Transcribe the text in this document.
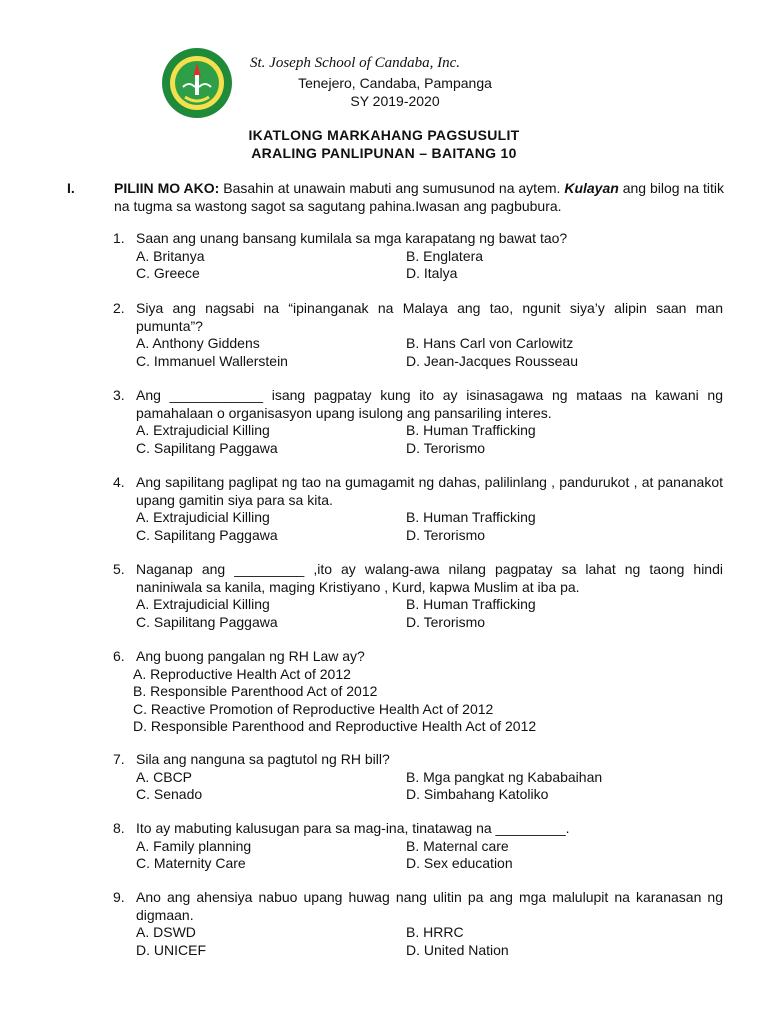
St. Joseph School of Candaba, Inc.
Tenejero, Candaba, Pampanga
SY 2019-2020
IKATLONG MARKAHANG PAGSUSULIT
ARALING PANLIPUNAN – BAITANG 10
I.	PILIIN MO AKO: Basahin at unawain mabuti ang sumusunod na aytem. Kulayan ang bilog na titik na tugma sa wastong sagot sa sagutang pahina.Iwasan ang pagbubura.
1. Saan ang unang bansang kumilala sa mga karapatang ng bawat tao?
A. Britanya	B. Englatera
C. Greece	D. Italya
2. Siya ang nagsabi na “ipinanganak na Malaya ang tao, ngunit siya’y alipin saan man pumunta”?
A. Anthony Giddens	B. Hans Carl von Carlowitz
C. Immanuel Wallerstein	D. Jean-Jacques Rousseau
3. Ang ____________ isang pagpatay kung ito ay isinasagawa ng mataas na kawani ng pamahalaan o organisasyon upang isulong ang pansariling interes.
A. Extrajudicial Killing	B. Human Trafficking
C. Sapilitang Paggawa	D. Terorismo
4. Ang sapilitang paglipat ng tao na gumagamit ng dahas, palilinlang , pandurukot , at pananakot upang gamitin siya para sa kita.
A. Extrajudicial Killing	B. Human Trafficking
C. Sapilitang Paggawa	D. Terorismo
5. Naganap ang _________ ,ito ay walang-awa nilang pagpatay sa lahat ng taong hindi naniniwala sa kanila, maging Kristiyano , Kurd, kapwa Muslim at iba pa.
A. Extrajudicial Killing	B. Human Trafficking
C. Sapilitang Paggawa	D. Terorismo
6. Ang buong pangalan ng RH Law ay?
A. Reproductive Health Act of 2012
B. Responsible Parenthood Act of 2012
C. Reactive Promotion of Reproductive Health Act of 2012
D. Responsible Parenthood and Reproductive Health Act of 2012
7. Sila ang nanguna sa pagtutol ng RH bill?
A. CBCP	B. Mga pangkat ng Kababaihan
C. Senado	D. Simbahang Katoliko
8. Ito ay mabuting kalusugan para sa mag-ina, tinatawag na _________.
A. Family planning	B. Maternal care
C. Maternity Care	D. Sex education
9. Ano ang ahensiya nabuo upang huwag nang ulitin pa ang mga malulupit na karanasan ng digmaan.
A. DSWD	B. HRRC
D. UNICEF	D. United Nation
